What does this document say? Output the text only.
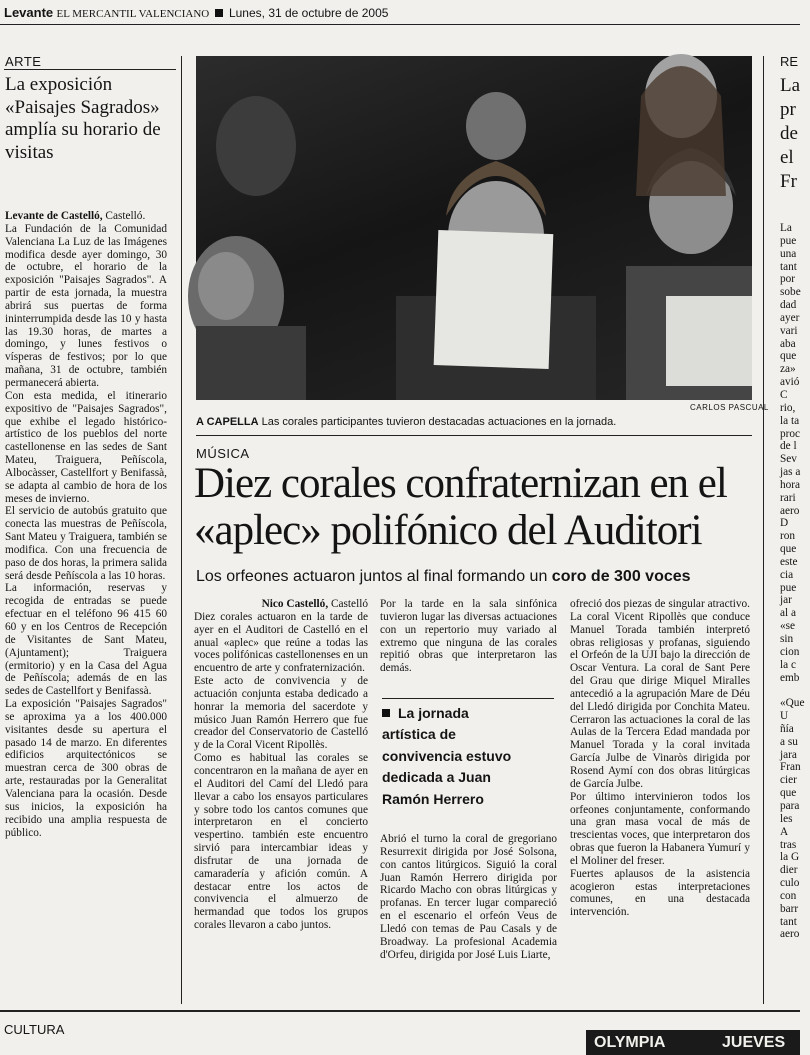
Levante EL MERCANTIL VALENCIANO Lunes, 31 de octubre de 2005
ARTE
La exposición «Paisajes Sagrados» amplía su horario de visitas
Levante de Castelló, Castelló.
La Fundación de la Comunidad Valenciana La Luz de las Imágenes modifica desde ayer domingo, 30 de octubre, el horario de la exposición "Paisajes Sagrados". A partir de esta jornada, la muestra abrirá sus puertas de forma ininterrumpida desde las 10 y hasta las 19.30 horas, de martes a domingo, y lunes festivos o vísperas de festivos; por lo que mañana, 31 de octubre, también permanecerá abierta.
Con esta medida, el itinerario expositivo de "Paisajes Sagrados", que exhibe el legado histórico-artístico de los pueblos del norte castellonense en las sedes de Sant Mateu, Traiguera, Peñíscola, Albocàsser, Castellfort y Benifassà, se adapta al cambio de hora de los meses de invierno.
El servicio de autobús gratuito que conecta las muestras de Peñíscola, Sant Mateu y Traiguera, también se modifica. Con una frecuencia de paso de dos horas, la primera salida será desde Peñíscola a las 10 horas.
La información, reservas y recogida de entradas se puede efectuar en el teléfono 96 415 60 60 y en los Centros de Recepción de Visitantes de Sant Mateu, (Ajuntament); Traiguera (ermitorio) y en la Casa del Agua de Peñíscola; además de en las sedes de Castellfort y Benifassà.
La exposición "Paisajes Sagrados" se aproxima ya a los 400.000 visitantes desde su apertura el pasado 14 de marzo. En diferentes edificios arquitectónicos se muestran cerca de 300 obras de arte, restauradas por la Generalitat Valenciana para la ocasión. Desde sus inicios, la exposición ha recibido una amplia respuesta de público.
CARLOS PASCUAL
A CAPELLA Las corales participantes tuvieron destacadas actuaciones en la jornada.
MÚSICA
Diez corales confraternizan en el «aplec» polifónico del Auditori
Los orfeones actuaron juntos al final formando un coro de 300 voces
Nico Castelló, Castelló
Diez corales actuaron en la tarde de ayer en el Auditori de Castelló en el anual «aplec» que reúne a todas las voces polifónicas castellonenses en un encuentro de arte y confraternización.
Este acto de convivencia y de actuación conjunta estaba dedicado a honrar la memoria del sacerdote y músico Juan Ramón Herrero que fue creador del Conservatorio de Castelló y de la Coral Vicent Ripollès.
Como es habitual las corales se concentraron en la mañana de ayer en el Auditori del Camí del Lledó para llevar a cabo los ensayos particulares y sobre todo los cantos comunes que interpretaron en el concierto vespertino. también este encuentro sirvió para intercambiar ideas y disfrutar de una jornada de camaradería y afición común. A destacar entre los actos de convivencia el almuerzo de hermandad que todos los grupos corales llevaron a cabo juntos.
Por la tarde en la sala sinfónica tuvieron lugar las diversas actuaciones con un repertorio muy variado al extremo que ninguna de las corales repitió obras que interpretaron las demás.
La jornada
artística de
convivencia estuvo
dedicada a Juan
Ramón Herrero
Abrió el turno la coral de gregoriano Resurrexit dirigida por José Solsona, con cantos litúrgicos. Siguió la coral Juan Ramón Herrero dirigida por Ricardo Macho con obras litúrgicas y profanas. En tercer lugar compareció en el escenario el orfeón Veus de Lledó con temas de Pau Casals y de Broadway. La profesional Academia d'Orfeu, dirigida por José Luis Liarte,
ofreció dos piezas de singular atractivo. La coral Vicent Ripollès que conduce Manuel Torada también interpretó obras religiosas y profanas, siguiendo el Orfeón de la UJI bajo la dirección de Oscar Ventura. La coral de Sant Pere del Grau que dirige Miquel Miralles antecedió a la agrupación Mare de Déu del Lledó dirigida por Conchita Mateu. Cerraron las actuaciones la coral de las Aulas de la Tercera Edad mandada por Manuel Torada y la coral invitada García Julbe de Vinaròs dirigida por Rosend Aymí con dos obras litúrgicas de García Julbe.
Por último intervinieron todos los orfeones conjuntamente, conformando una gran masa vocal de más de trescientas voces, que interpretaron dos obras que fueron la Habanera Yumurí y el Moliner del freser.
Fuertes aplausos de la asistencia acogieron estas interpretaciones comunes, en una destacada intervención.
RE
La pr de el Fr
La
pue
una
tant
por
sobe
dad
ayer
vari
aba
que
za»
avió
C
rio,
la ta
proc
de l
Sev
jas a
hora
rari
aero
D
ron
que
este
cia
pue
jar
al a
«se
sin
cion
la c
emb

«Que
U
ñía
a su
jara
Fran
cier
que
para
les
A
tras
la G
dier
culo
con
barr
tant
aero
CULTURA
OLYMPIA	JUEVES
